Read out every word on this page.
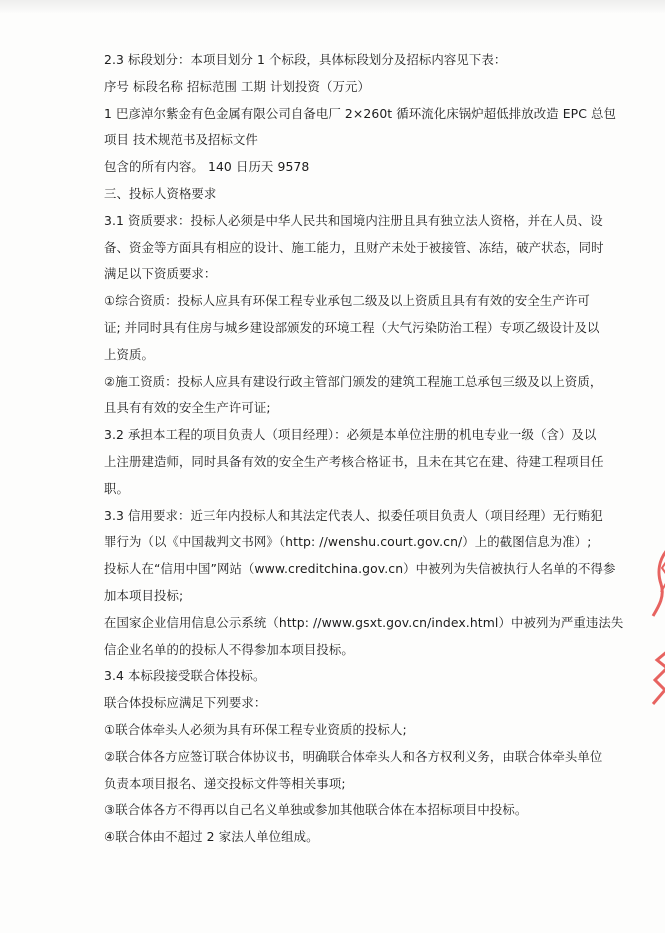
2.3 标段划分：本项目划分 1 个标段，具体标段划分及招标内容见下表：
序号 标段名称 招标范围 工期 计划投资（万元）
1 巴彦淖尔紫金有色金属有限公司自备电厂 2×260t 循环流化床锅炉超低排放改造 EPC 总包
项目 技术规范书及招标文件
包含的所有内容。 140 日历天 9578
三、投标人资格要求
3.1 资质要求：投标人必须是中华人民共和国境内注册且具有独立法人资格，并在人员、设
备、资金等方面具有相应的设计、施工能力，且财产未处于被接管、冻结，破产状态，同时
满足以下资质要求：
①综合资质：投标人应具有环保工程专业承包二级及以上资质且具有有效的安全生产许可
证; 并同时具有住房与城乡建设部颁发的环境工程（大气污染防治工程）专项乙级设计及以
上资质。
②施工资质：投标人应具有建设行政主管部门颁发的建筑工程施工总承包三级及以上资质，
且具有有效的安全生产许可证;
3.2 承担本工程的项目负责人（项目经理）：必须是本单位注册的机电专业一级（含）及以
上注册建造师，同时具备有效的安全生产考核合格证书，且未在其它在建、待建工程项目任
职。
3.3 信用要求：近三年内投标人和其法定代表人、拟委任项目负责人（项目经理）无行贿犯
罪行为（以《中国裁判文书网》（http: //wenshu.court.gov.cn/）上的截图信息为准）;
投标人在“信用中国”网站（www.creditchina.gov.cn）中被列为失信被执行人名单的不得参
加本项目投标;
在国家企业信用信息公示系统（http: //www.gsxt.gov.cn/index.html）中被列为严重违法失
信企业名单的的投标人不得参加本项目投标。
3.4 本标段接受联合体投标。
联合体投标应满足下列要求：
①联合体牵头人必须为具有环保工程专业资质的投标人;
②联合体各方应签订联合体协议书，明确联合体牵头人和各方权利义务，由联合体牵头单位
负责本项目报名、递交投标文件等相关事项;
③联合体各方不得再以自己名义单独或参加其他联合体在本招标项目中投标。
④联合体由不超过 2 家法人单位组成。
